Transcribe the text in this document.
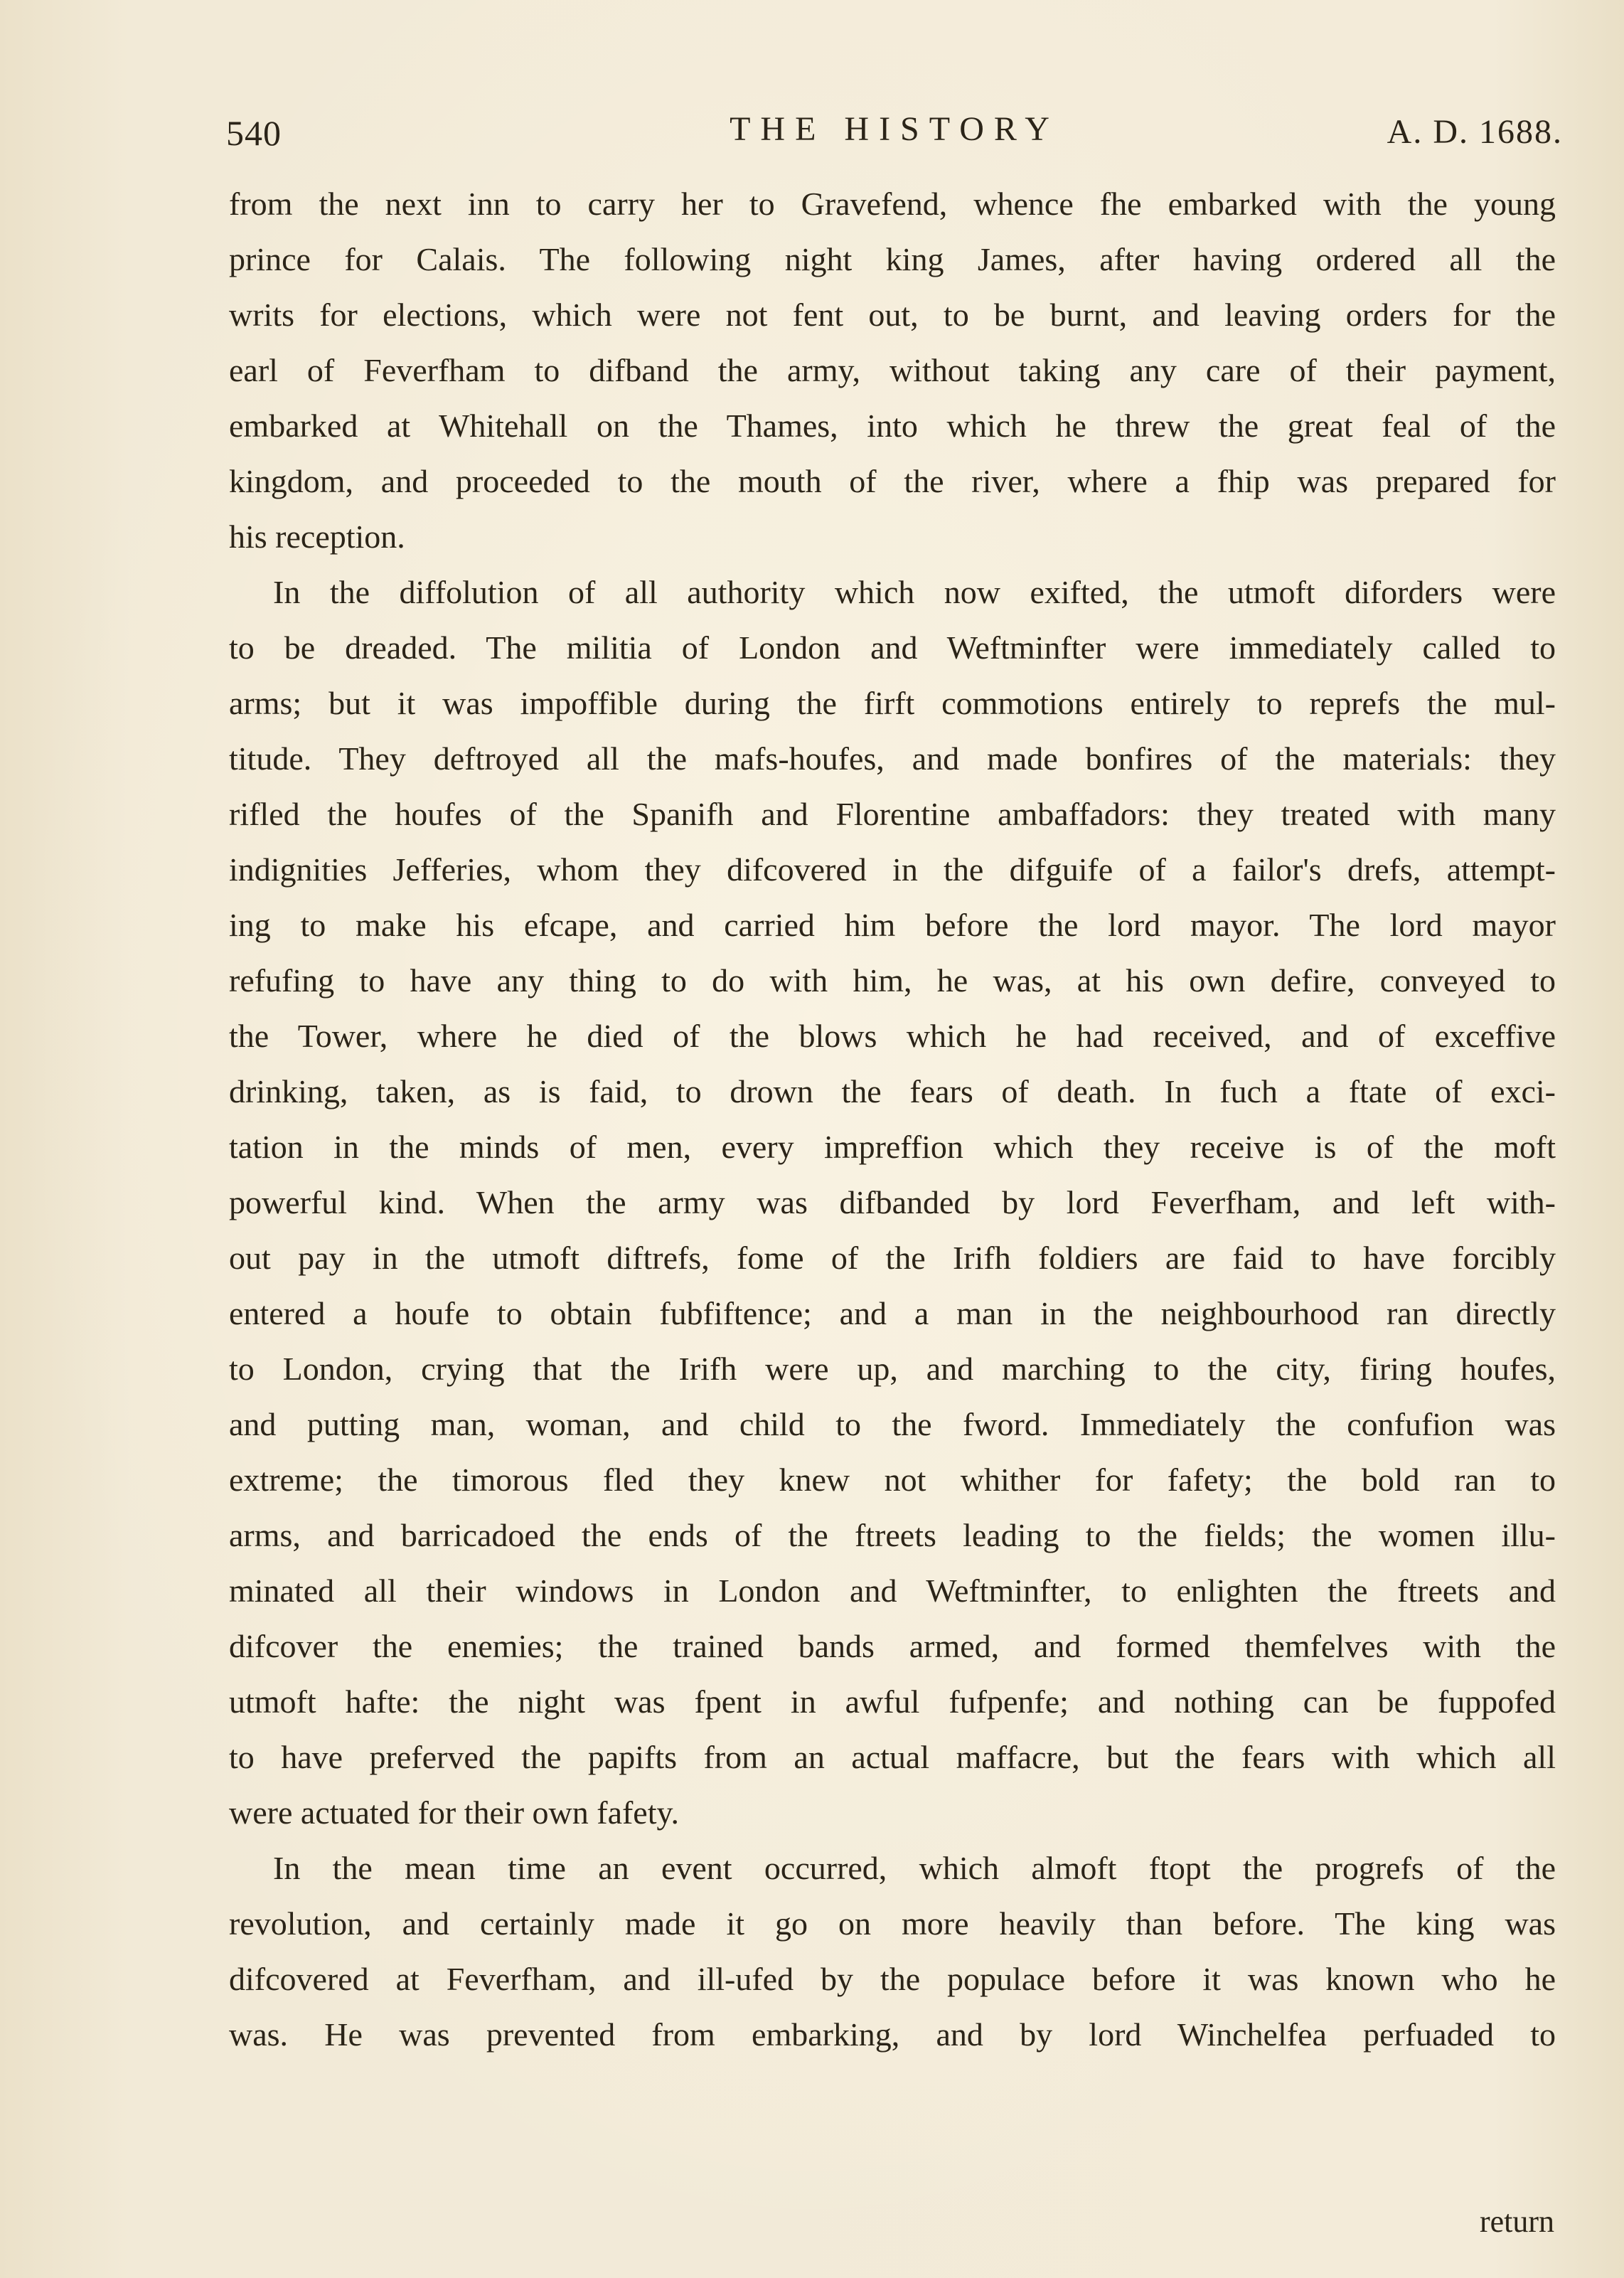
540	THE HISTORY	A. D. 1688.
from the next inn to carry her to Gravefend, whence fhe embarked with the young
prince for Calais. The following night king James, after having ordered all the
writs for elections, which were not fent out, to be burnt, and leaving orders for the
earl of Feverfham to difband the army, without taking any care of their payment,
embarked at Whitehall on the Thames, into which he threw the great feal of the
kingdom, and proceeded to the mouth of the river, where a fhip was prepared for
his reception.
In the diffolution of all authority which now exifted, the utmoft diforders were
to be dreaded. The militia of London and Weftminfter were immediately called to
arms; but it was impoffible during the firft commotions entirely to reprefs the mul-
titude. They deftroyed all the mafs-houfes, and made bonfires of the materials: they
rifled the houfes of the Spanifh and Florentine ambaffadors: they treated with many
indignities Jefferies, whom they difcovered in the difguife of a failor's drefs, attempt-
ing to make his efcape, and carried him before the lord mayor. The lord mayor
refufing to have any thing to do with him, he was, at his own defire, conveyed to
the Tower, where he died of the blows which he had received, and of exceffive
drinking, taken, as is faid, to drown the fears of death. In fuch a ftate of exci-
tation in the minds of men, every impreffion which they receive is of the moft
powerful kind. When the army was difbanded by lord Feverfham, and left with-
out pay in the utmoft diftrefs, fome of the Irifh foldiers are faid to have forcibly
entered a houfe to obtain fubfiftence; and a man in the neighbourhood ran directly
to London, crying that the Irifh were up, and marching to the city, firing houfes,
and putting man, woman, and child to the fword. Immediately the confufion was
extreme; the timorous fled they knew not whither for fafety; the bold ran to
arms, and barricadoed the ends of the ftreets leading to the fields; the women illu-
minated all their windows in London and Weftminfter, to enlighten the ftreets and
difcover the enemies; the trained bands armed, and formed themfelves with the
utmoft hafte: the night was fpent in awful fufpenfe; and nothing can be fuppofed
to have preferved the papifts from an actual maffacre, but the fears with which all
were actuated for their own fafety.
In the mean time an event occurred, which almoft ftopt the progrefs of the
revolution, and certainly made it go on more heavily than before. The king was
difcovered at Feverfham, and ill-ufed by the populace before it was known who he
was. He was prevented from embarking, and by lord Winchelfea perfuaded to
return
